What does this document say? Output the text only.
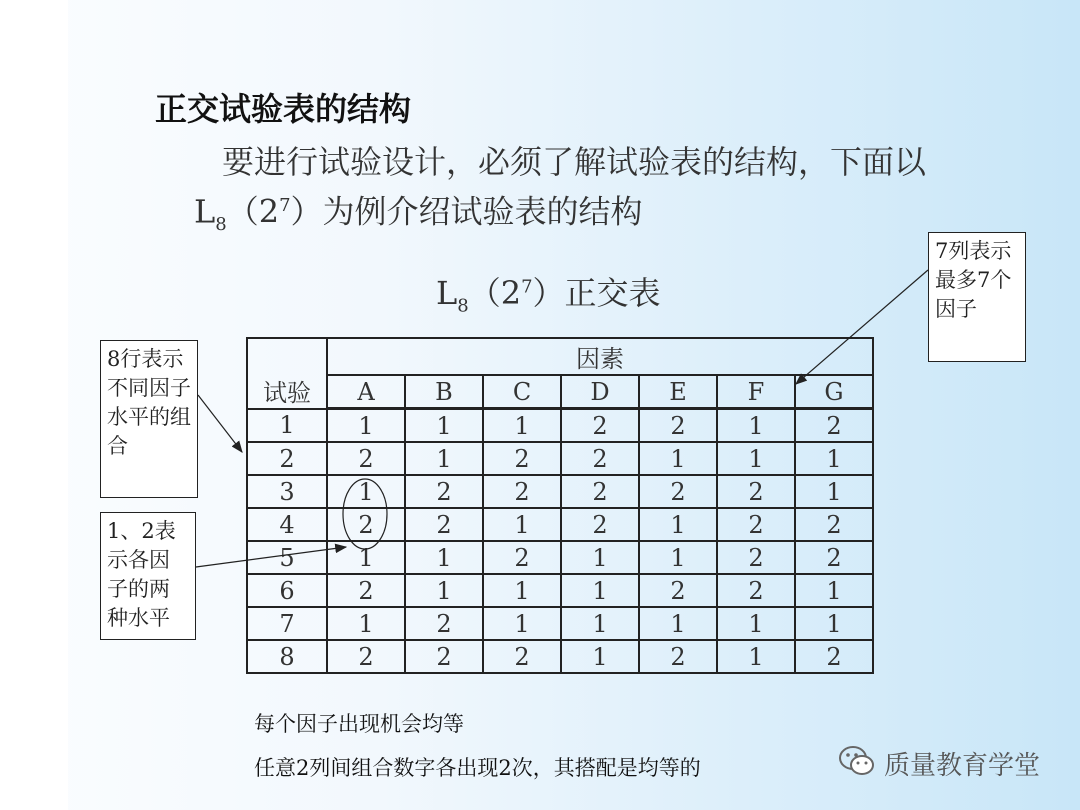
正交试验表的结构
要进行试验设计，必须了解试验表的结构，下面以
$L_8(2^7)$为例介绍试验表的结构
$L_8(2^7)$正交表
8行表示不同因子水平的组合
1、2表示各因子的两种水平
7列表示最多7个因子
试验	因素						
	A	B	C	D	E	F	G
1	1	1	1	2	2	1	2
2	2	1	2	2	1	1	1
3	1	2	2	2	2	2	1
4	2	2	1	2	1	2	2
5	1	1	2	1	1	2	2
6	2	1	1	1	2	2	1
7	1	2	1	1	1	1	1
8	2	2	2	1	2	1	2
每个因子出现机会均等
任意2列间组合数字各出现2次，其搭配是均等的	质量教育学堂
